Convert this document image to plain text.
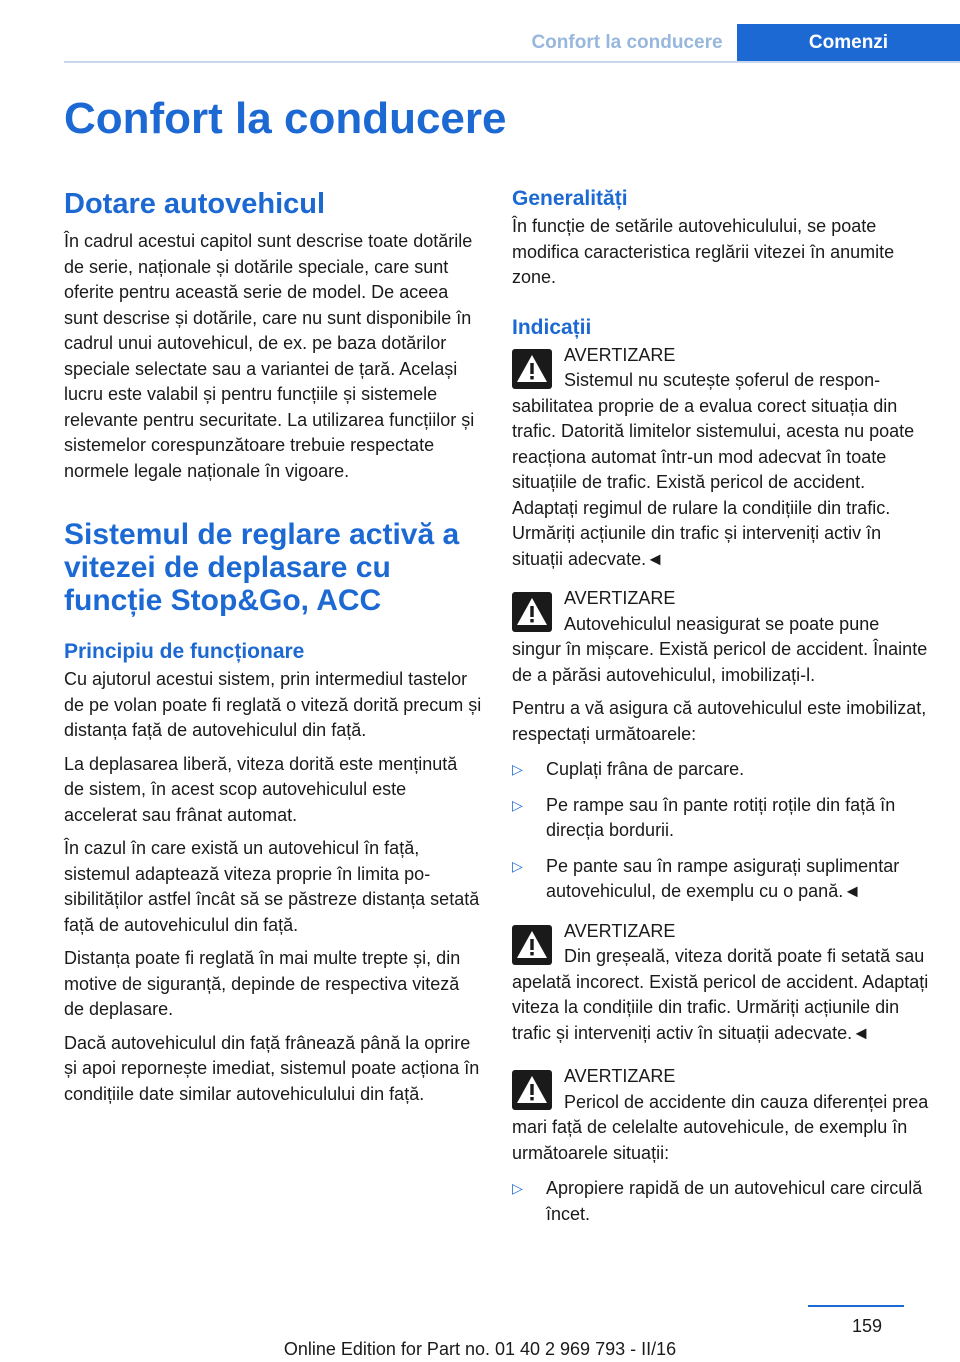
Confort la conducere	Comenzi
Confort la conducere
Dotare autovehicul

În cadrul acestui capitol sunt descrise toate dotările de serie, naționale și dotările speciale, care sunt oferite pentru această serie de model. De aceea sunt descrise și dotările, care nu sunt disponibile în cadrul unui autovehicul, de ex. pe baza dotărilor speciale selectate sau a variantei de țară. Același lucru este valabil și pentru funcțiile și sistemele relevante pentru securitate. La utilizarea funcțiilor și sistemelor corespunzătoare trebuie respectate normele legale naționale în vigoare.

Sistemul de reglare activă a vitezei de deplasare cu funcție Stop&Go, ACC
Principiu de funcționare

Cu ajutorul acestui sistem, prin intermediul tastelor de pe volan poate fi reglată o viteză dorită precum și distanța față de autovehiculul din față.

La deplasarea liberă, viteza dorită este menținută de sistem, în acest scop autovehiculul este accelerat sau frânat automat.

În cazul în care există un autovehicul în față, sistemul adaptează viteza proprie în limita posibilităților astfel încât să se păstreze distanța setată față de autovehiculul din față.

Distanța poate fi reglată în mai multe trepte și, din motive de siguranță, depinde de respectiva viteză de deplasare.

Dacă autovehiculul din față frânează până la oprire și apoi repornește imediat, sistemul poate acționa în condițiile date similar autovehiculului din față.

Generalități

În funcție de setările autovehiculului, se poate modifica caracteristica reglării vitezei în anumite zone.

Indicații
AVERTIZARE

Sistemul nu scutește șoferul de responsabilitatea proprie de a evalua corect situația din trafic. Datorită limitelor sistemului, acesta nu poate reacționa automat într-un mod adecvat în toate situațiile de trafic. Există pericol de accident. Adaptați regimul de rulare la condițiile din trafic. Urmăriți acțiunile din trafic și interveniți activ în situații adecvate.◄

AVERTIZARE

Autovehiculul neasigurat se poate pune singur în mișcare. Există pericol de accident. Înainte de a părăsi autovehiculul, imobilizați-l.

Pentru a vă asigura că autovehiculul este imobilizat, respectați următoarele:

▷ Cuplați frâna de parcare.
▷ Pe rampe sau în pante rotiți roțile din față în direcția bordurii.
▷ Pe pante sau în rampe asigurați suplimentar autovehiculul, de exemplu cu o pană.◄
AVERTIZARE

Din greșeală, viteza dorită poate fi setată sau apelată incorect. Există pericol de accident. Adaptați viteza la condițiile din trafic. Urmăriți acțiunile din trafic și interveniți activ în situații adecvate.◄

AVERTIZARE

Pericol de accidente din cauza diferenței prea mari față de celelalte autovehicule, de exemplu în următoarele situații:

▷ Apropiere rapidă de un autovehicul care circulă încet.
159
Online Edition for Part no. 01 40 2 969 793 - II/16
